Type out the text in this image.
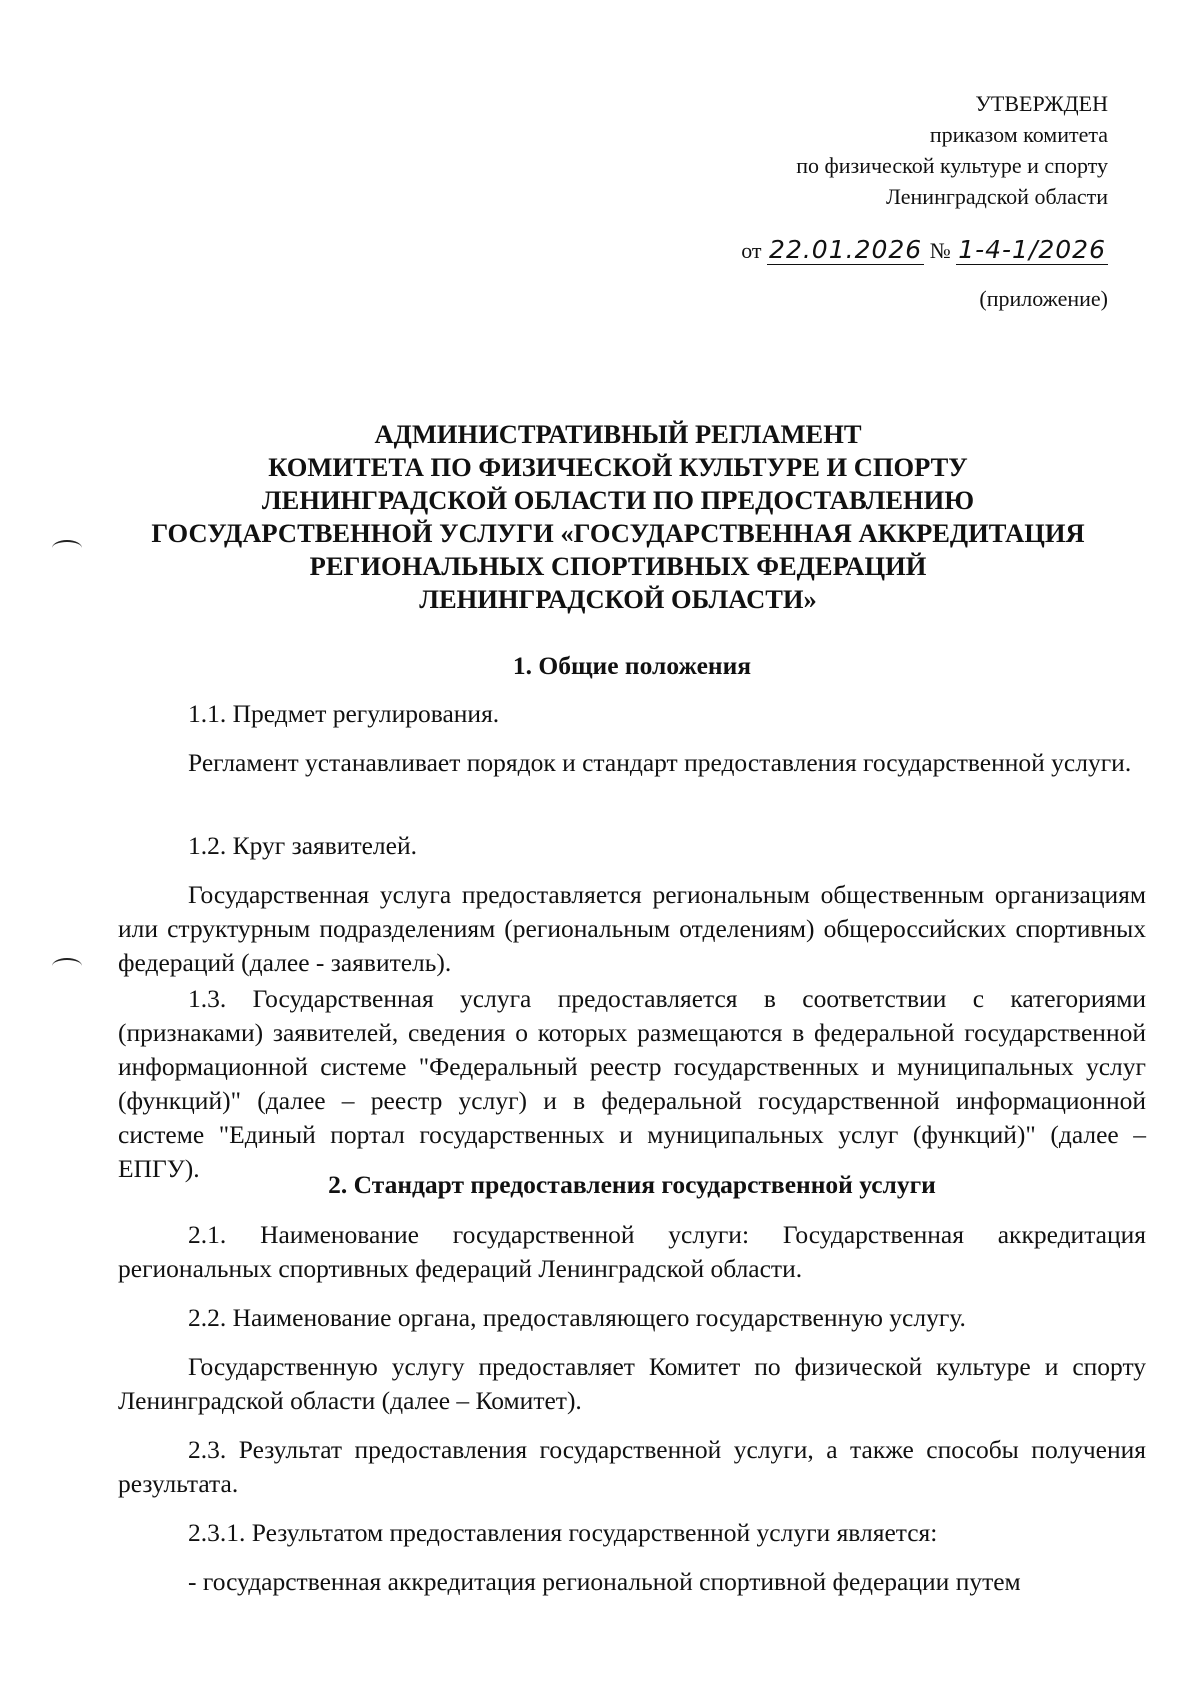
УТВЕРЖДЕН
приказом комитета
по физической культуре и спорту
Ленинградской области
от 22.01.2026 № 1-4-1/2026
(приложение)
АДМИНИСТРАТИВНЫЙ РЕГЛАМЕНТ
КОМИТЕТА ПО ФИЗИЧЕСКОЙ КУЛЬТУРЕ И СПОРТУ
ЛЕНИНГРАДСКОЙ ОБЛАСТИ ПО ПРЕДОСТАВЛЕНИЮ
ГОСУДАРСТВЕННОЙ УСЛУГИ «ГОСУДАРСТВЕННАЯ АККРЕДИТАЦИЯ
РЕГИОНАЛЬНЫХ СПОРТИВНЫХ ФЕДЕРАЦИЙ
ЛЕНИНГРАДСКОЙ ОБЛАСТИ»
1. Общие положения

1.1. Предмет регулирования.

Регламент устанавливает порядок и стандарт предоставления государственной услуги.

1.2. Круг заявителей.

Государственная услуга предоставляется региональным общественным организациям или структурным подразделениям (региональным отделениям) общероссийских спортивных федераций (далее - заявитель).

1.3. Государственная услуга предоставляется в соответствии с категориями (признаками) заявителей, сведения о которых размещаются в федеральной государственной информационной системе "Федеральный реестр государственных и муниципальных услуг (функций)" (далее – реестр услуг) и в федеральной государственной информационной системе "Единый портал государственных и муниципальных услуг (функций)" (далее – ЕПГУ).

2. Стандарт предоставления государственной услуги

2.1. Наименование государственной услуги: Государственная аккредитация региональных спортивных федераций Ленинградской области.

2.2. Наименование органа, предоставляющего государственную услугу.

Государственную услугу предоставляет Комитет по физической культуре и спорту Ленинградской области (далее – Комитет).

2.3. Результат предоставления государственной услуги, а также способы получения результата.

2.3.1. Результатом предоставления государственной услуги является:

- государственная аккредитация региональной спортивной федерации путем
